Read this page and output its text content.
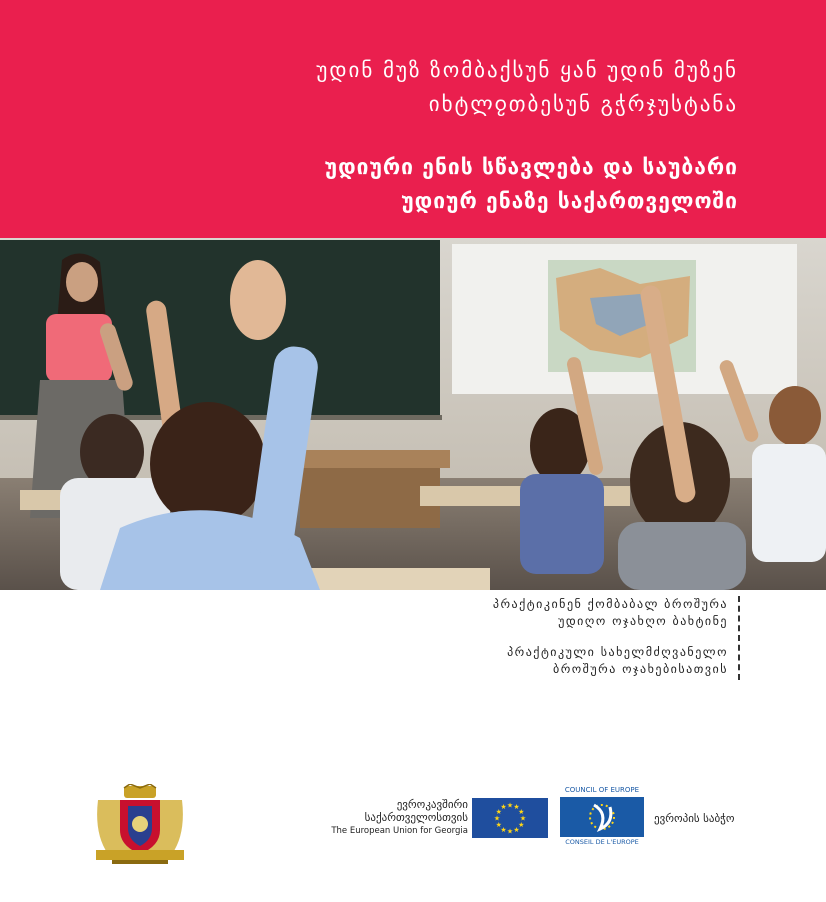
უდინ მუზ ზომბაქსუნ ყან უდინ მუზენ
იხტლჹთბესუნ გჭრჯუსტანა
უდიური ენის სწავლება და საუბარი
უდიურ ენაზე საქართველოში
პრაქტიკინენ ქომბაბალ ბროშურა
უდიღო ოჯახღო ბახტინე
პრაქტიკული სახელმძღვანელო
ბროშურა ოჯახებისათვის
ევროკავშირი
საქართველოსთვის
The European Union for Georgia
★
★
★
★
★
★
★
★
★ ★ ★
★
COUNCIL OF EUROPE
CONSEIL DE L'EUROPE
ევროპის საბჭო
